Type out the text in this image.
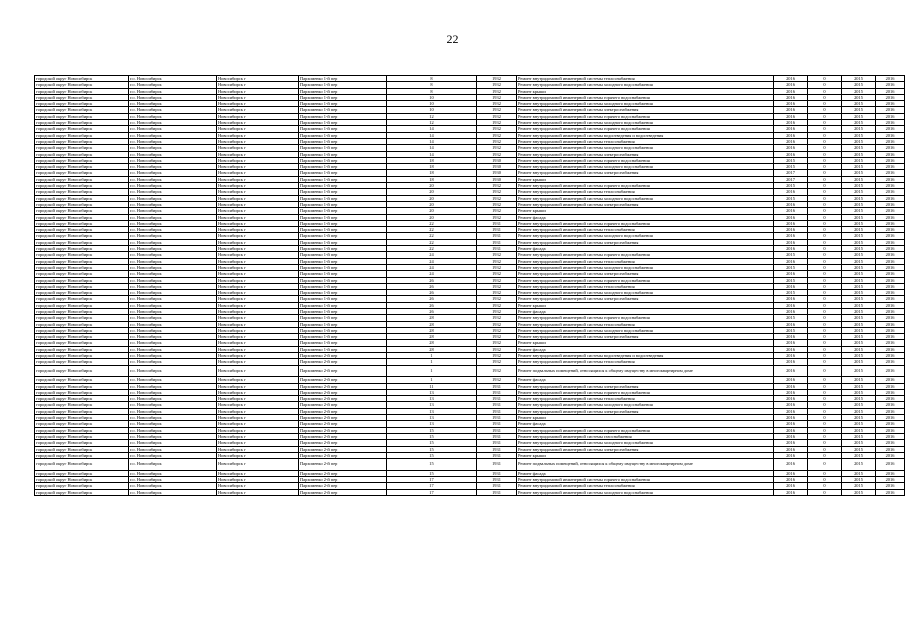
22
городской округ Новосибирск	г.о. Новосибирск	Новосибирск г	Пархоменко 1-й пер	8	1932	Ремонт внутридомовой инженерной системы теплоснабжения	2016	0	2015	2016
городской округ Новосибирск	г.о. Новосибирск	Новосибирск г	Пархоменко 1-й пер	8	1932	Ремонт внутридомовой инженерной системы холодного водоснабжения	2016	0	2015	2016
городской округ Новосибирск	г.о. Новосибирск	Новосибирск г	Пархоменко 1-й пер	8	1932	Ремонт крыши	2016	0	2015	2016
городской округ Новосибирск	г.о. Новосибирск	Новосибирск г	Пархоменко 1-й пер	10	1932	Ремонт внутридомовой инженерной системы горячего водоснабжения	2016	0	2015	2016
городской округ Новосибирск	г.о. Новосибирск	Новосибирск г	Пархоменко 1-й пер	10	1932	Ремонт внутридомовой инженерной системы холодного водоснабжения	2016	0	2015	2016
городской округ Новосибирск	г.о. Новосибирск	Новосибирск г	Пархоменко 1-й пер	10	1932	Ремонт внутридомовой инженерной системы электроснабжения	2016	0	2015	2016
городской округ Новосибирск	г.о. Новосибирск	Новосибирск г	Пархоменко 1-й пер	12	1932	Ремонт внутридомовой инженерной системы горячего водоснабжения	2016	0	2015	2016
городской округ Новосибирск	г.о. Новосибирск	Новосибирск г	Пархоменко 1-й пер	12	1932	Ремонт внутридомовой инженерной системы холодного водоснабжения	2016	0	2015	2016
городской округ Новосибирск	г.о. Новосибирск	Новосибирск г	Пархоменко 1-й пер	14	1932	Ремонт внутридомовой инженерной системы горячего водоснабжения	2016	0	2015	2016
городской округ Новосибирск	г.о. Новосибирск	Новосибирск г	Пархоменко 1-й пер	14	1932	Ремонт внутридомовой инженерной системы водоотведения и водоотведения	2016	0	2015	2016
городской округ Новосибирск	г.о. Новосибирск	Новосибирск г	Пархоменко 1-й пер	14	1932	Ремонт внутридомовой инженерной системы теплоснабжения	2016	0	2015	2016
городской округ Новосибирск	г.о. Новосибирск	Новосибирск г	Пархоменко 1-й пер	14	1932	Ремонт внутридомовой инженерной системы холодного водоснабжения	2016	0	2015	2016
городской округ Новосибирск	г.о. Новосибирск	Новосибирск г	Пархоменко 1-й пер	14	1932	Ремонт внутридомовой инженерной системы электроснабжения	2016	0	2015	2016
городской округ Новосибирск	г.о. Новосибирск	Новосибирск г	Пархоменко 1-й пер	18	1930	Ремонт внутридомовой инженерной системы горячего водоснабжения	2015	0	2015	2016
городской округ Новосибирск	г.о. Новосибирск	Новосибирск г	Пархоменко 1-й пер	18	1930	Ремонт внутридомовой инженерной системы холодного водоснабжения	2015	0	2015	2016
городской округ Новосибирск	г.о. Новосибирск	Новосибирск г	Пархоменко 1-й пер	18	1930	Ремонт внутридомовой инженерной системы электроснабжения	2017	0	2015	2016
городской округ Новосибирск	г.о. Новосибирск	Новосибирск г	Пархоменко 1-й пер	18	1930	Ремонт крыши	2017	0	2015	2016
городской округ Новосибирск	г.о. Новосибирск	Новосибирск г	Пархоменко 1-й пер	20	1932	Ремонт внутридомовой инженерной системы горячего водоснабжения	2015	0	2015	2016
городской округ Новосибирск	г.о. Новосибирск	Новосибирск г	Пархоменко 1-й пер	20	1932	Ремонт внутридомовой инженерной системы теплоснабжения	2016	0	2015	2016
городской округ Новосибирск	г.о. Новосибирск	Новосибирск г	Пархоменко 1-й пер	20	1932	Ремонт внутридомовой инженерной системы холодного водоснабжения	2015	0	2015	2016
городской округ Новосибирск	г.о. Новосибирск	Новосибирск г	Пархоменко 1-й пер	20	1932	Ремонт внутридомовой инженерной системы электроснабжения	2016	0	2015	2016
городской округ Новосибирск	г.о. Новосибирск	Новосибирск г	Пархоменко 1-й пер	20	1932	Ремонт крыши	2016	0	2015	2016
городской округ Новосибирск	г.о. Новосибирск	Новосибирск г	Пархоменко 1-й пер	20	1932	Ремонт фасада	2016	0	2015	2016
городской округ Новосибирск	г.о. Новосибирск	Новосибирск г	Пархоменко 1-й пер	22	1931	Ремонт внутридомовой инженерной системы горячего водоснабжения	2016	0	2015	2016
городской округ Новосибирск	г.о. Новосибирск	Новосибирск г	Пархоменко 1-й пер	22	1931	Ремонт внутридомовой инженерной системы теплоснабжения	2016	0	2015	2016
городской округ Новосибирск	г.о. Новосибирск	Новосибирск г	Пархоменко 1-й пер	22	1931	Ремонт внутридомовой инженерной системы холодного водоснабжения	2016	0	2015	2016
городской округ Новосибирск	г.о. Новосибирск	Новосибирск г	Пархоменко 1-й пер	22	1931	Ремонт внутридомовой инженерной системы электроснабжения	2016	0	2015	2016
городской округ Новосибирск	г.о. Новосибирск	Новосибирск г	Пархоменко 1-й пер	22	1931	Ремонт фасада	2016	0	2015	2016
городской округ Новосибирск	г.о. Новосибирск	Новосибирск г	Пархоменко 1-й пер	24	1932	Ремонт внутридомовой инженерной системы горячего водоснабжения	2015	0	2015	2016
городской округ Новосибирск	г.о. Новосибирск	Новосибирск г	Пархоменко 1-й пер	24	1932	Ремонт внутридомовой инженерной системы теплоснабжения	2016	0	2015	2016
городской округ Новосибирск	г.о. Новосибирск	Новосибирск г	Пархоменко 1-й пер	24	1932	Ремонт внутридомовой инженерной системы холодного водоснабжения	2015	0	2015	2016
городской округ Новосибирск	г.о. Новосибирск	Новосибирск г	Пархоменко 1-й пер	24	1932	Ремонт внутридомовой инженерной системы электроснабжения	2016	0	2015	2016
городской округ Новосибирск	г.о. Новосибирск	Новосибирск г	Пархоменко 1-й пер	26	1932	Ремонт внутридомовой инженерной системы горячего водоснабжения	2015	0	2015	2016
городской округ Новосибирск	г.о. Новосибирск	Новосибирск г	Пархоменко 1-й пер	26	1932	Ремонт внутридомовой инженерной системы теплоснабжения	2016	0	2015	2016
городской округ Новосибирск	г.о. Новосибирск	Новосибирск г	Пархоменко 1-й пер	26	1932	Ремонт внутридомовой инженерной системы холодного водоснабжения	2015	0	2015	2016
городской округ Новосибирск	г.о. Новосибирск	Новосибирск г	Пархоменко 1-й пер	26	1932	Ремонт внутридомовой инженерной системы электроснабжения	2016	0	2015	2016
городской округ Новосибирск	г.о. Новосибирск	Новосибирск г	Пархоменко 1-й пер	26	1932	Ремонт крыши	2016	0	2015	2016
городской округ Новосибирск	г.о. Новосибирск	Новосибирск г	Пархоменко 1-й пер	26	1932	Ремонт фасада	2016	0	2015	2016
городской округ Новосибирск	г.о. Новосибирск	Новосибирск г	Пархоменко 1-й пер	28	1932	Ремонт внутридомовой инженерной системы горячего водоснабжения	2015	0	2015	2016
городской округ Новосибирск	г.о. Новосибирск	Новосибирск г	Пархоменко 1-й пер	28	1932	Ремонт внутридомовой инженерной системы теплоснабжения	2016	0	2015	2016
городской округ Новосибирск	г.о. Новосибирск	Новосибирск г	Пархоменко 1-й пер	28	1932	Ремонт внутридомовой инженерной системы холодного водоснабжения	2015	0	2015	2016
городской округ Новосибирск	г.о. Новосибирск	Новосибирск г	Пархоменко 1-й пер	28	1932	Ремонт внутридомовой инженерной системы электроснабжения	2016	0	2015	2016
городской округ Новосибирск	г.о. Новосибирск	Новосибирск г	Пархоменко 1-й пер	28	1932	Ремонт крыши	2016	0	2015	2016
городской округ Новосибирск	г.о. Новосибирск	Новосибирск г	Пархоменко 1-й пер	28	1932	Ремонт фасада	2016	0	2015	2016
городской округ Новосибирск	г.о. Новосибирск	Новосибирск г	Пархоменко 2-й пер	1	1932	Ремонт внутридомовой инженерной системы водоотведения и водоотведения	2016	0	2015	2016
городской округ Новосибирск	г.о. Новосибирск	Новосибирск г	Пархоменко 2-й пер	1	1932	Ремонт внутридомовой инженерной системы теплоснабжения	2016	0	2015	2016
городской округ Новосибирск	г.о. Новосибирск	Новосибирск г	Пархоменко 2-й пер	1	1932	Ремонт подвальных помещений, относящихся к общему имуществу в многоквартирном доме	2016	0	2015	2016
городской округ Новосибирск	г.о. Новосибирск	Новосибирск г	Пархоменко 2-й пер	1	1932	Ремонт фасада	2016	0	2015	2016
городской округ Новосибирск	г.о. Новосибирск	Новосибирск г	Пархоменко 2-й пер	11	1931	Ремонт внутридомовой инженерной системы электроснабжения	2016	0	2015	2016
городской округ Новосибирск	г.о. Новосибирск	Новосибирск г	Пархоменко 2-й пер	13	1931	Ремонт внутридомовой инженерной системы горячего водоснабжения	2016	0	2015	2016
городской округ Новосибирск	г.о. Новосибирск	Новосибирск г	Пархоменко 2-й пер	13	1931	Ремонт внутридомовой инженерной системы теплоснабжения	2016	0	2015	2016
городской округ Новосибирск	г.о. Новосибирск	Новосибирск г	Пархоменко 2-й пер	13	1931	Ремонт внутридомовой инженерной системы холодного водоснабжения	2016	0	2015	2016
городской округ Новосибирск	г.о. Новосибирск	Новосибирск г	Пархоменко 2-й пер	13	1931	Ремонт внутридомовой инженерной системы электроснабжения	2016	0	2015	2016
городской округ Новосибирск	г.о. Новосибирск	Новосибирск г	Пархоменко 2-й пер	13	1931	Ремонт крыши	2016	0	2015	2016
городской округ Новосибирск	г.о. Новосибирск	Новосибирск г	Пархоменко 2-й пер	13	1931	Ремонт фасада	2016	0	2015	2016
городской округ Новосибирск	г.о. Новосибирск	Новосибирск г	Пархоменко 2-й пер	15	1931	Ремонт внутридомовой инженерной системы горячего водоснабжения	2016	0	2015	2016
городской округ Новосибирск	г.о. Новосибирск	Новосибирск г	Пархоменко 2-й пер	15	1931	Ремонт внутридомовой инженерной системы газоснабжения	2016	0	2015	2016
городской округ Новосибирск	г.о. Новосибирск	Новосибирск г	Пархоменко 2-й пер	15	1931	Ремонт внутридомовой инженерной системы холодного водоснабжения	2016	0	2015	2016
городской округ Новосибирск	г.о. Новосибирск	Новосибирск г	Пархоменко 2-й пер	15	1931	Ремонт внутридомовой инженерной системы электроснабжения	2016	0	2015	2016
городской округ Новосибирск	г.о. Новосибирск	Новосибирск г	Пархоменко 2-й пер	15	1931	Ремонт крыши	2016	0	2015	2016
городской округ Новосибирск	г.о. Новосибирск	Новосибирск г	Пархоменко 2-й пер	15	1931	Ремонт подвальных помещений, относящихся к общему имуществу в многоквартирном доме	2016	0	2015	2016
городской округ Новосибирск	г.о. Новосибирск	Новосибирск г	Пархоменко 2-й пер	15	1931	Ремонт фасада	2016	0	2015	2016
городской округ Новосибирск	г.о. Новосибирск	Новосибирск г	Пархоменко 2-й пер	17	1931	Ремонт внутридомовой инженерной системы горячего водоснабжения	2016	0	2015	2016
городской округ Новосибирск	г.о. Новосибирск	Новосибирск г	Пархоменко 2-й пер	17	1931	Ремонт внутридомовой инженерной системы теплоснабжения	2016	0	2015	2016
городской округ Новосибирск	г.о. Новосибирск	Новосибирск г	Пархоменко 2-й пер	17	1931	Ремонт внутридомовой инженерной системы холодного водоснабжения	2016	0	2015	2016
